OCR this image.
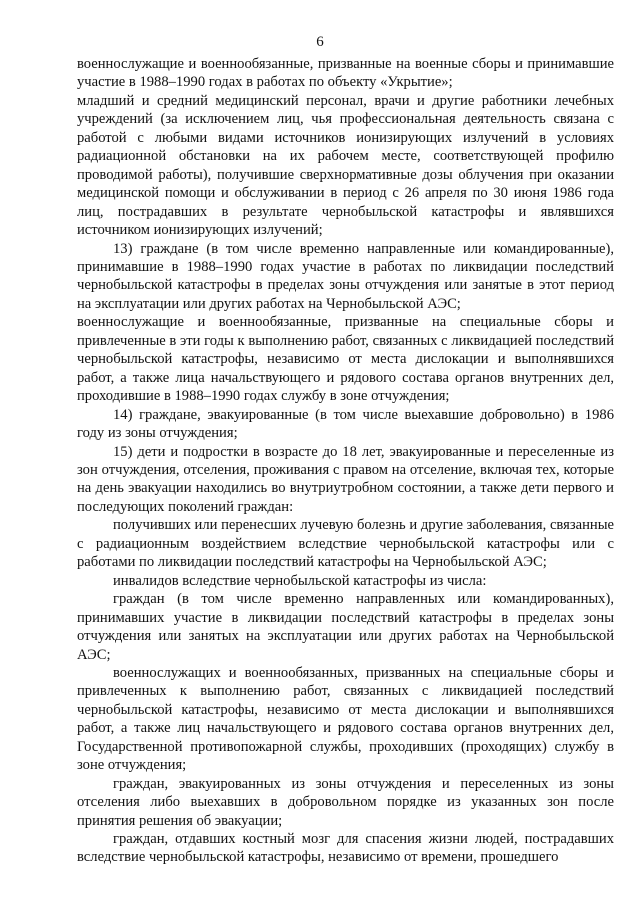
6

военнослужащие и военнообязанные, призванные на военные сборы и принимавшие участие в 1988–1990 годах в работах по объекту «Укрытие»;

младший и средний медицинский персонал, врачи и другие работники лечебных учреждений (за исключением лиц, чья профессиональная деятельность связана с работой с любыми видами источников ионизирующих излучений в условиях радиационной обстановки на их рабочем месте, соответствующей профилю проводимой работы), получившие сверхнормативные дозы облучения при оказании медицинской помощи и обслуживании в период с 26 апреля по 30 июня 1986 года лиц, пострадавших в результате чернобыльской катастрофы и являвшихся источником ионизирующих излучений;

13) граждане (в том числе временно направленные или командированные), принимавшие в 1988–1990 годах участие в работах по ликвидации последствий чернобыльской катастрофы в пределах зоны отчуждения или занятые в этот период на эксплуатации или других работах на Чернобыльской АЭС;

военнослужащие и военнообязанные, призванные на специальные сборы и привлеченные в эти годы к выполнению работ, связанных с ликвидацией последствий чернобыльской катастрофы, независимо от места дислокации и выполнявшихся работ, а также лица начальствующего и рядового состава органов внутренних дел, проходившие в 1988–1990 годах службу в зоне отчуждения;

14) граждане, эвакуированные (в том числе выехавшие добровольно) в 1986 году из зоны отчуждения;

15) дети и подростки в возрасте до 18 лет, эвакуированные и переселенные из зон отчуждения, отселения, проживания с правом на отселение, включая тех, которые на день эвакуации находились во внутриутробном состоянии, а также дети первого и последующих поколений граждан:

получивших или перенесших лучевую болезнь и другие заболевания, связанные с радиационным воздействием вследствие чернобыльской катастрофы или с работами по ликвидации последствий катастрофы на Чернобыльской АЭС;

инвалидов вследствие чернобыльской катастрофы из числа:

граждан (в том числе временно направленных или командированных), принимавших участие в ликвидации последствий катастрофы в пределах зоны отчуждения или занятых на эксплуатации или других работах на Чернобыльской АЭС;

военнослужащих и военнообязанных, призванных на специальные сборы и привлеченных к выполнению работ, связанных с ликвидацией последствий чернобыльской катастрофы, независимо от места дислокации и выполнявшихся работ, а также лиц начальствующего и рядового состава органов внутренних дел, Государственной противопожарной службы, проходивших (проходящих) службу в зоне отчуждения;

граждан, эвакуированных из зоны отчуждения и переселенных из зоны отселения либо выехавших в добровольном порядке из указанных зон после принятия решения об эвакуации;

граждан, отдавших костный мозг для спасения жизни людей, пострадавших вследствие чернобыльской катастрофы, независимо от времени, прошедшего
